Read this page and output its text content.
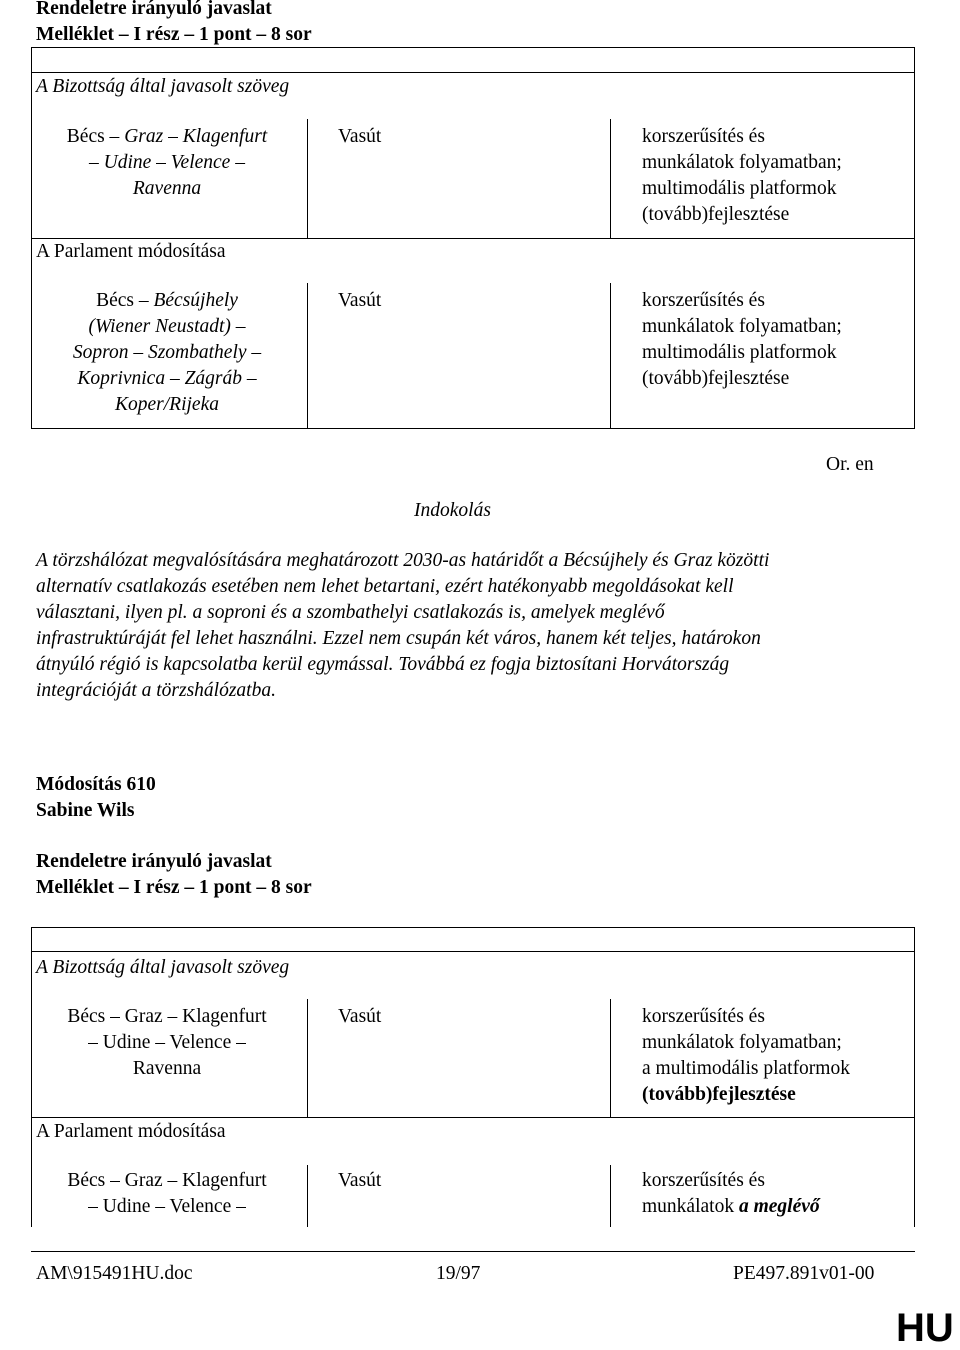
Rendeletre irányuló javaslat
Melléklet – I rész – 1 pont – 8 sor
A Bizottság által javasolt szöveg
Bécs – Graz – Klagenfurt
– Udine – Velence –
Ravenna
Vasút	korszerűsítés és
munkálatok folyamatban;
multimodális platformok
(tovább)fejlesztése
A Parlament módosítása
Bécs – Bécsújhely
(Wiener Neustadt) –
Sopron – Szombathely –
Koprivnica – Zágráb –
Koper/Rijeka
Vasút	korszerűsítés és
munkálatok folyamatban;
multimodális platformok
(tovább)fejlesztése
Or. en
Indokolás
A törzshálózat megvalósítására meghatározott 2030-as határidőt a Bécsújhely és Graz közötti
alternatív csatlakozás esetében nem lehet betartani, ezért hatékonyabb megoldásokat kell
választani, ilyen pl. a soproni és a szombathelyi csatlakozás is, amelyek meglévő
infrastruktúráját fel lehet használni. Ezzel nem csupán két város, hanem két teljes, határokon
átnyúló régió is kapcsolatba kerül egymással. Továbbá ez fogja biztosítani Horvátország
integrációját a törzshálózatba.
Módosítás 610
Sabine Wils
Rendeletre irányuló javaslat
Melléklet – I rész – 1 pont – 8 sor
A Bizottság által javasolt szöveg
Bécs – Graz – Klagenfurt
– Udine – Velence –
Ravenna
Vasút	korszerűsítés és
munkálatok folyamatban;
a multimodális platformok
(tovább)fejlesztése
A Parlament módosítása
Bécs – Graz – Klagenfurt
– Udine – Velence –
Vasút	korszerűsítés és
munkálatok a meglévő
AM\915491HU.doc	19/97	PE497.891v01-00
HU
